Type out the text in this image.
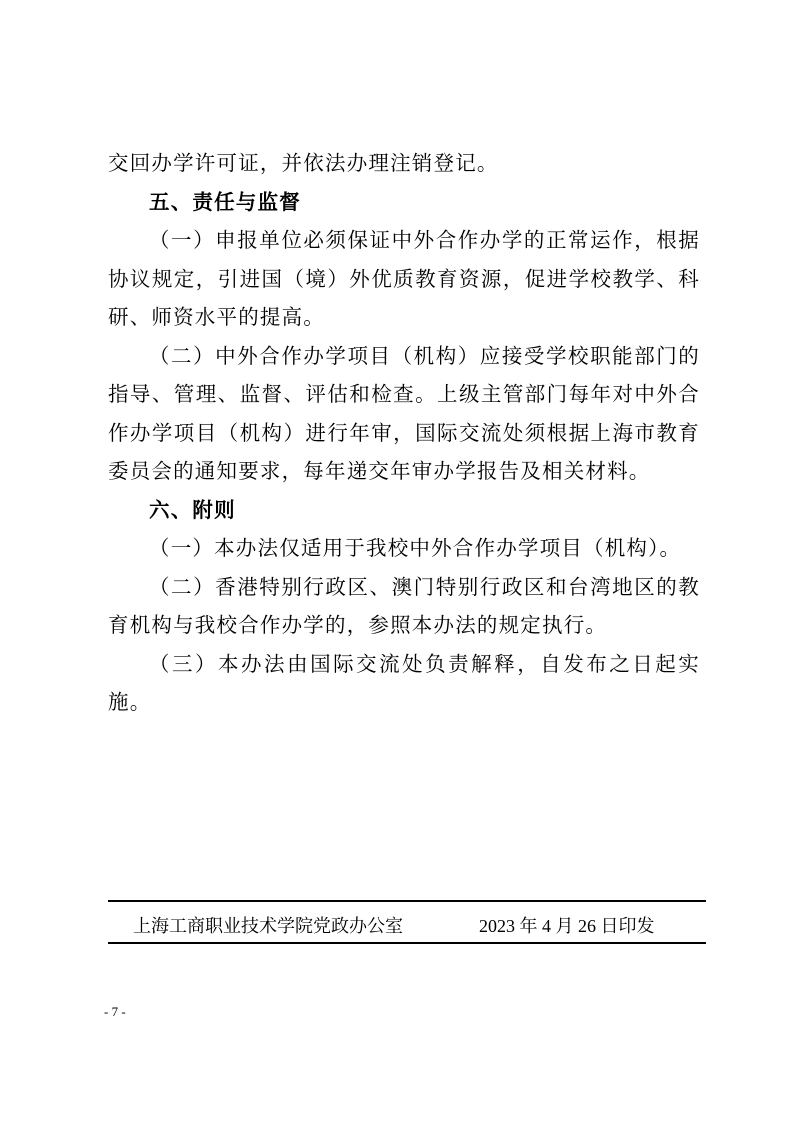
交回办学许可证，并依法办理注销登记。

五、责任与监督

（一）申报单位必须保证中外合作办学的正常运作，根据协议规定，引进国（境）外优质教育资源，促进学校教学、科研、师资水平的提高。

（二）中外合作办学项目（机构）应接受学校职能部门的指导、管理、监督、评估和检查。上级主管部门每年对中外合作办学项目（机构）进行年审，国际交流处须根据上海市教育委员会的通知要求，每年递交年审办学报告及相关材料。

六、附则

（一）本办法仅适用于我校中外合作办学项目（机构）。

（二）香港特别行政区、澳门特别行政区和台湾地区的教育机构与我校合作办学的，参照本办法的规定执行。

（三）本办法由国际交流处负责解释，自发布之日起实施。

上海工商职业技术学院党政办公室	2023 年 4 月 26 日印发
- 7 -
